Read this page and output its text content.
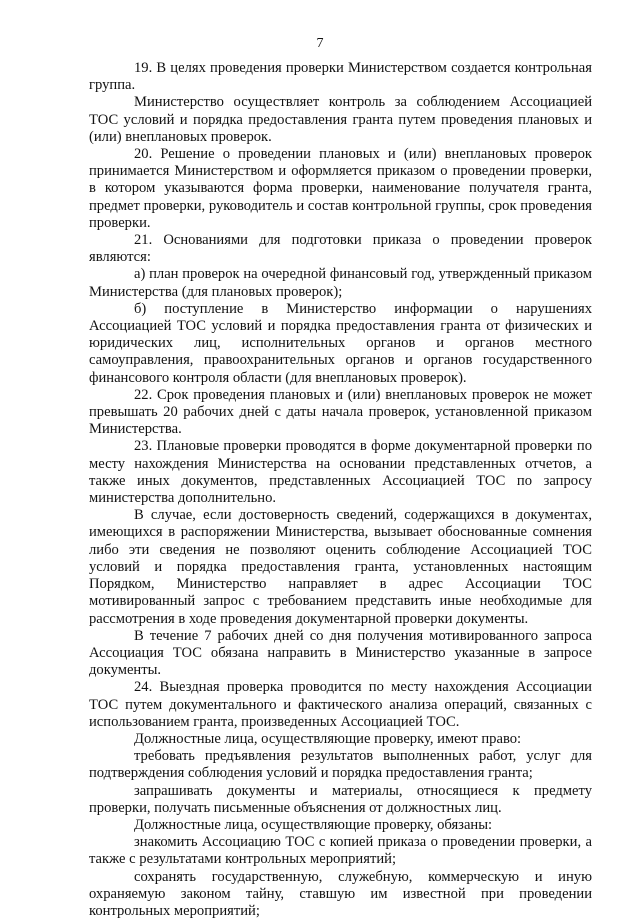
7

19. В целях проведения проверки Министерством создается контрольная группа.

Министерство осуществляет контроль за соблюдением Ассоциацией ТОС условий и порядка предоставления гранта путем проведения плановых и (или) внеплановых проверок.

20. Решение о проведении плановых и (или) внеплановых проверок принимается Министерством и оформляется приказом о проведении проверки, в котором указываются форма проверки, наименование получателя гранта, предмет проверки, руководитель и состав контрольной группы, срок проведения проверки.

21. Основаниями для подготовки приказа о проведении проверок являются:

а) план проверок на очередной финансовый год, утвержденный приказом Министерства (для плановых проверок);

б) поступление в Министерство информации о нарушениях Ассоциацией ТОС условий и порядка предоставления гранта от физических и юридических лиц, исполнительных органов и органов местного самоуправления, правоохранительных органов и органов государственного финансового контроля области (для внеплановых проверок).

22. Срок проведения плановых и (или) внеплановых проверок не может превышать 20 рабочих дней с даты начала проверок, установленной приказом Министерства.

23. Плановые проверки проводятся в форме документарной проверки по месту нахождения Министерства на основании представленных отчетов, а также иных документов, представленных Ассоциацией ТОС по запросу министерства дополнительно.

В случае, если достоверность сведений, содержащихся в документах, имеющихся в распоряжении Министерства, вызывает обоснованные сомнения либо эти сведения не позволяют оценить соблюдение Ассоциацией ТОС условий и порядка предоставления гранта, установленных настоящим Порядком, Министерство направляет в адрес Ассоциации ТОС мотивированный запрос с требованием представить иные необходимые для рассмотрения в ходе проведения документарной проверки документы.

В течение 7 рабочих дней со дня получения мотивированного запроса Ассоциация ТОС обязана направить в Министерство указанные в запросе документы.

24. Выездная проверка проводится по месту нахождения Ассоциации ТОС путем документального и фактического анализа операций, связанных с использованием гранта, произведенных Ассоциацией ТОС.

Должностные лица, осуществляющие проверку, имеют право:

требовать предъявления результатов выполненных работ, услуг для подтверждения соблюдения условий и порядка предоставления гранта;

запрашивать документы и материалы, относящиеся к предмету проверки, получать письменные объяснения от должностных лиц.

Должностные лица, осуществляющие проверку, обязаны:

знакомить Ассоциацию ТОС с копией приказа о проведении проверки, а также с результатами контрольных мероприятий;

сохранять государственную, служебную, коммерческую и иную охраняемую законом тайну, ставшую им известной при проведении контрольных мероприятий;
